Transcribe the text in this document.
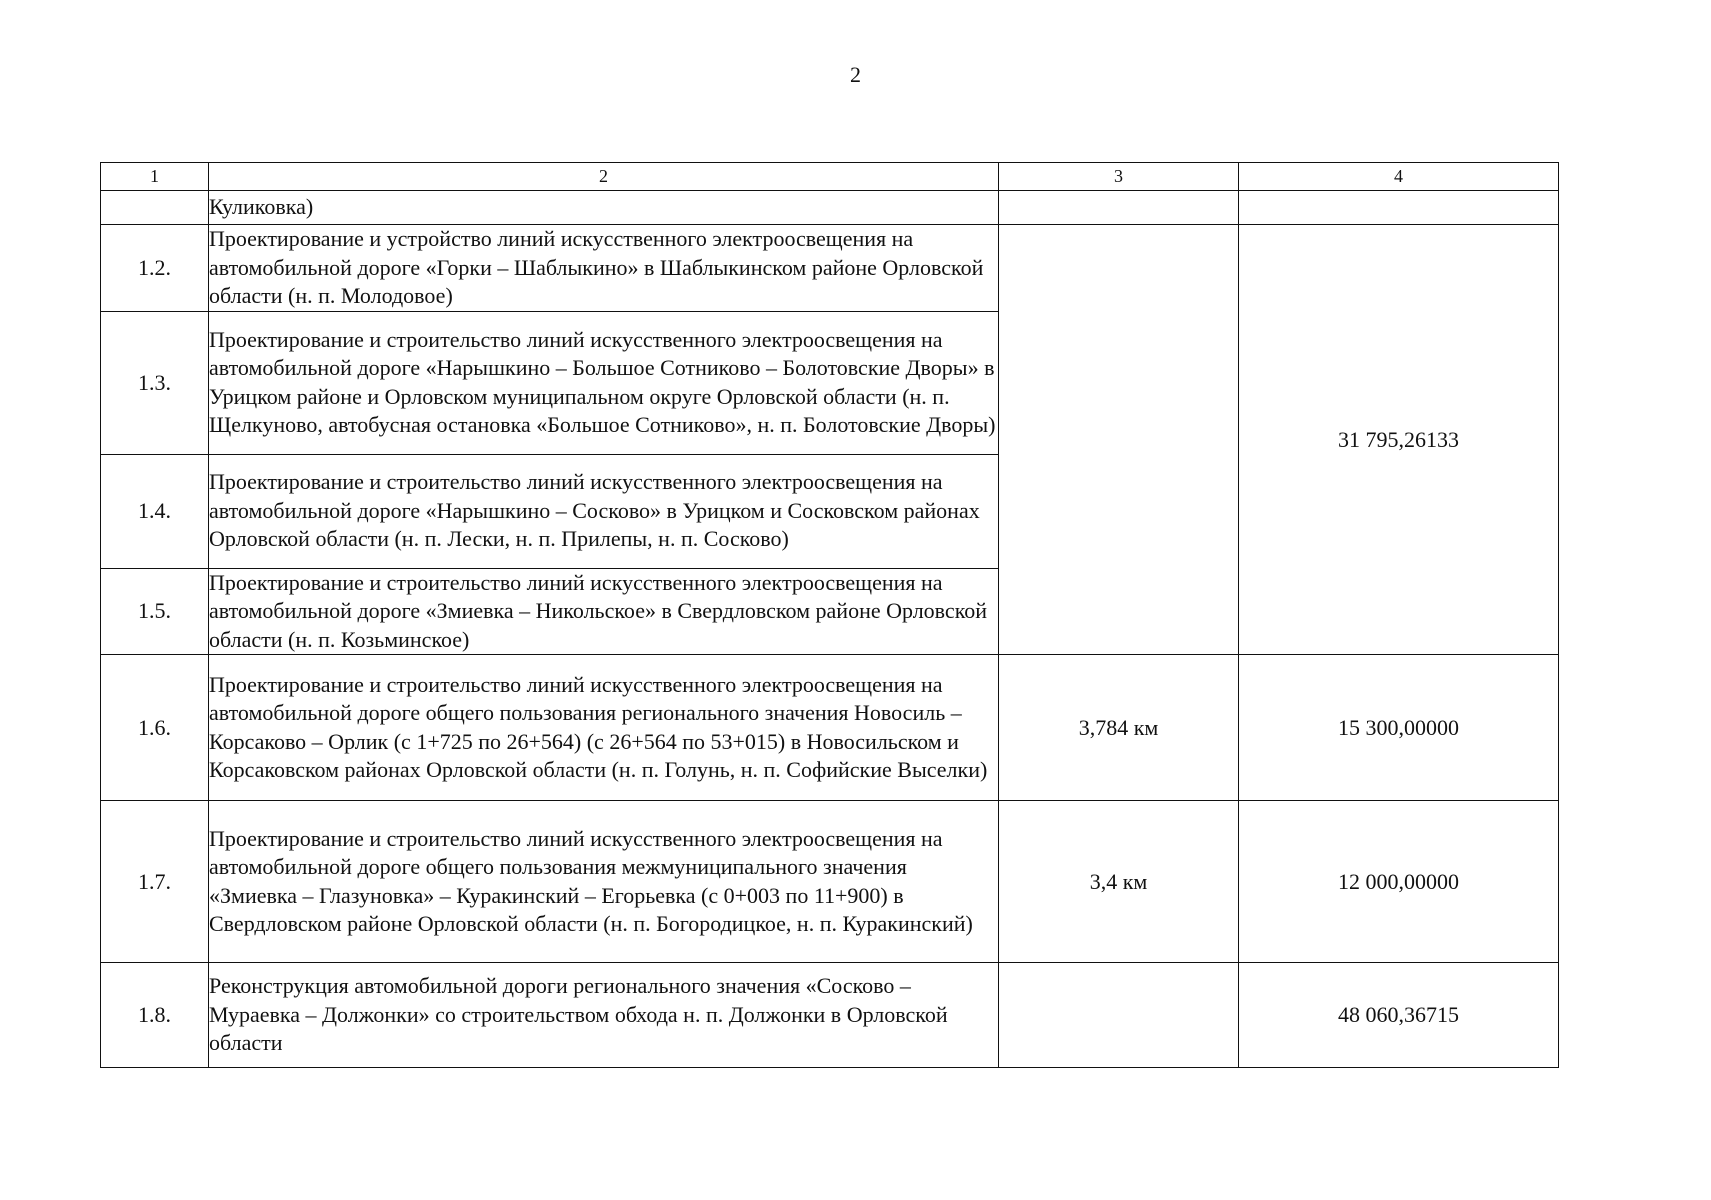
2
1	2	3	4
	Куликовка)		
1.2.	Проектирование и устройство линий искусственного электроосвещения на автомобильной дороге «Горки – Шаблыкино» в Шаблыкинском районе Орловской области (н. п. Молодовое)		31 795,26133
1.3.	Проектирование и строительство линий искусственного электроосвещения на автомобильной дороге «Нарышкино – Большое Сотниково – Болотовские Дворы» в Урицком районе и Орловском муниципальном округе Орловской области (н. п. Щелкуново, автобусная остановка «Большое Сотниково», н. п. Болотовские Дворы)		
1.4.	Проектирование и строительство линий искусственного электроосвещения на автомобильной дороге «Нарышкино – Сосково» в Урицком и Сосковском районах Орловской области (н. п. Лески, н. п. Прилепы, н. п. Сосково)		
1.5.	Проектирование и строительство линий искусственного электроосвещения на автомобильной дороге «Змиевка – Никольское» в Свердловском районе Орловской области (н. п. Козьминское)		
1.6.	Проектирование и строительство линий искусственного электроосвещения на автомобильной дороге общего пользования регионального значения Новосиль – Корсаково – Орлик (с 1+725 по 26+564) (с 26+564 по 53+015) в Новосильском и Корсаковском районах Орловской области (н. п. Голунь, н. п. Софийские Выселки)	3,784 км	15 300,00000
1.7.	Проектирование и строительство линий искусственного электроосвещения на автомобильной дороге общего пользования межмуниципального значения «Змиевка – Глазуновка» – Куракинский – Егорьевка (с 0+003 по 11+900) в Свердловском районе Орловской области (н. п. Богородицкое, н. п. Куракинский)	3,4 км	12 000,00000
1.8.	Реконструкция автомобильной дороги регионального значения «Сосково – Мураевка – Должонки» со строительством обхода н. п. Должонки в Орловской области		48 060,36715
